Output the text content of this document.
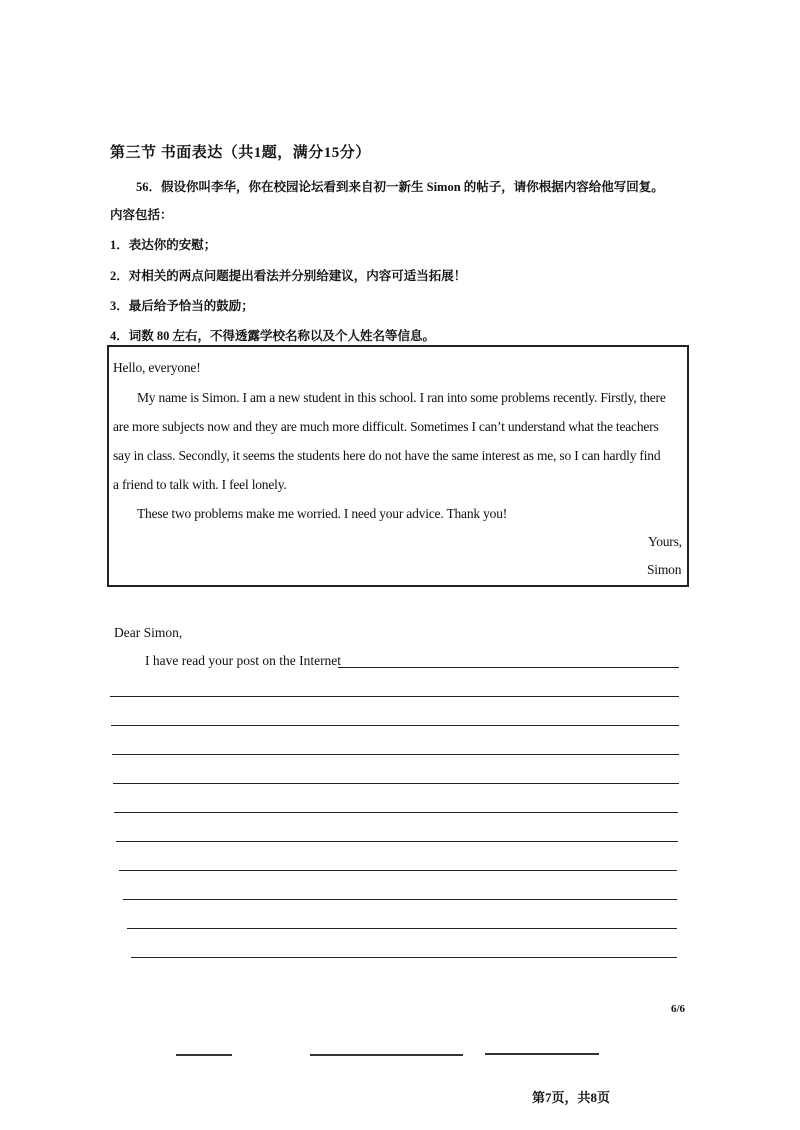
第三节 书面表达（共1题，满分15分）
56．假设你叫李华，你在校园论坛看到来自初一新生 Simon 的帖子，请你根据内容给他写回复。
内容包括：
1．表达你的安慰；
2．对相关的两点问题提出看法并分别给建议，内容可适当拓展！
3．最后给予恰当的鼓励；
4．词数 80 左右，不得透露学校名称以及个人姓名等信息。
Hello, everyone!
My name is Simon. I am a new student in this school. I ran into some problems recently. Firstly, there
are more subjects now and they are much more difficult. Sometimes I can’t understand what the teachers
say in class. Secondly, it seems the students here do not have the same interest as me, so I can hardly find
a friend to talk with. I feel lonely.
These two problems make me worried. I need your advice. Thank you!
Yours,
Simon
Dear Simon,
I have read your post on the Internet
6/6
第7页，共8页
